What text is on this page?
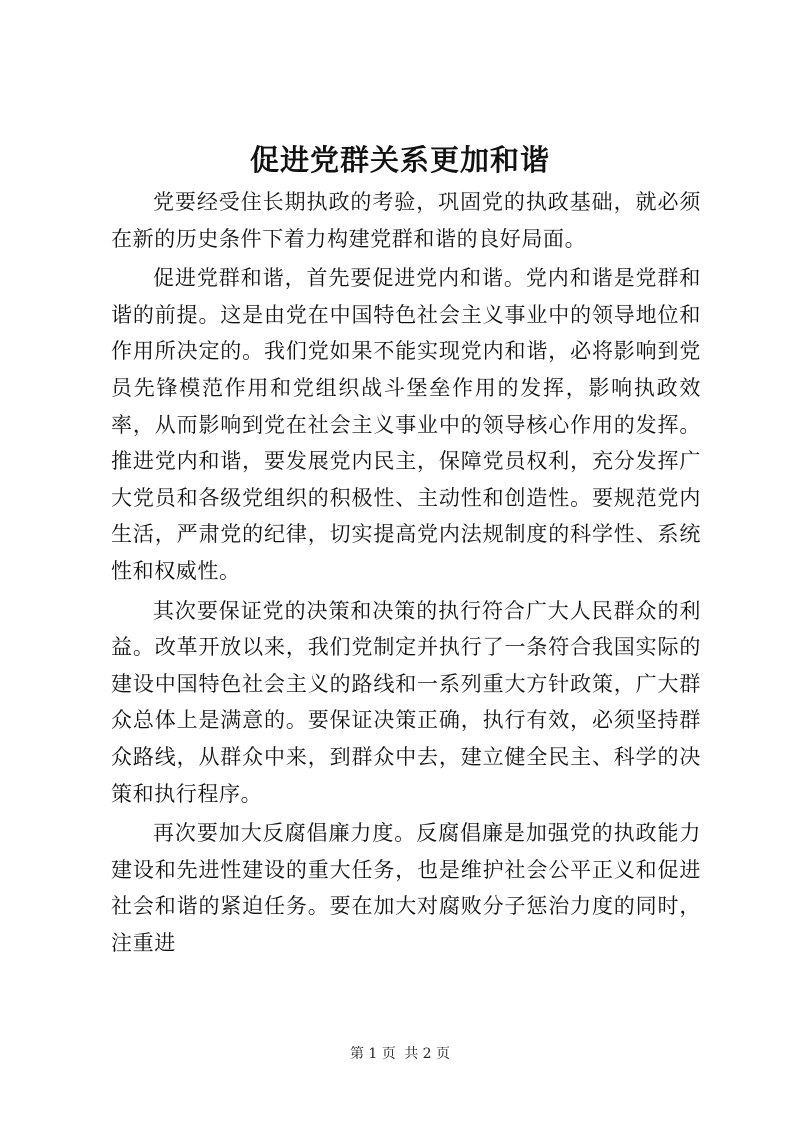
促进党群关系更加和谐

党要经受住长期执政的考验，巩固党的执政基础，就必须在新的历史条件下着力构建党群和谐的良好局面。

促进党群和谐，首先要促进党内和谐。党内和谐是党群和谐的前提。这是由党在中国特色社会主义事业中的领导地位和作用所决定的。我们党如果不能实现党内和谐，必将影响到党员先锋模范作用和党组织战斗堡垒作用的发挥，影响执政效率，从而影响到党在社会主义事业中的领导核心作用的发挥。推进党内和谐，要发展党内民主，保障党员权利，充分发挥广大党员和各级党组织的积极性、主动性和创造性。要规范党内生活，严肃党的纪律，切实提高党内法规制度的科学性、系统性和权威性。

其次要保证党的决策和决策的执行符合广大人民群众的利益。改革开放以来，我们党制定并执行了一条符合我国实际的建设中国特色社会主义的路线和一系列重大方针政策，广大群众总体上是满意的。要保证决策正确，执行有效，必须坚持群众路线，从群众中来，到群众中去，建立健全民主、科学的决策和执行程序。

再次要加大反腐倡廉力度。反腐倡廉是加强党的执政能力建设和先进性建设的重大任务，也是维护社会公平正义和促进社会和谐的紧迫任务。要在加大对腐败分子惩治力度的同时，注重进

第 1 页 共 2 页
